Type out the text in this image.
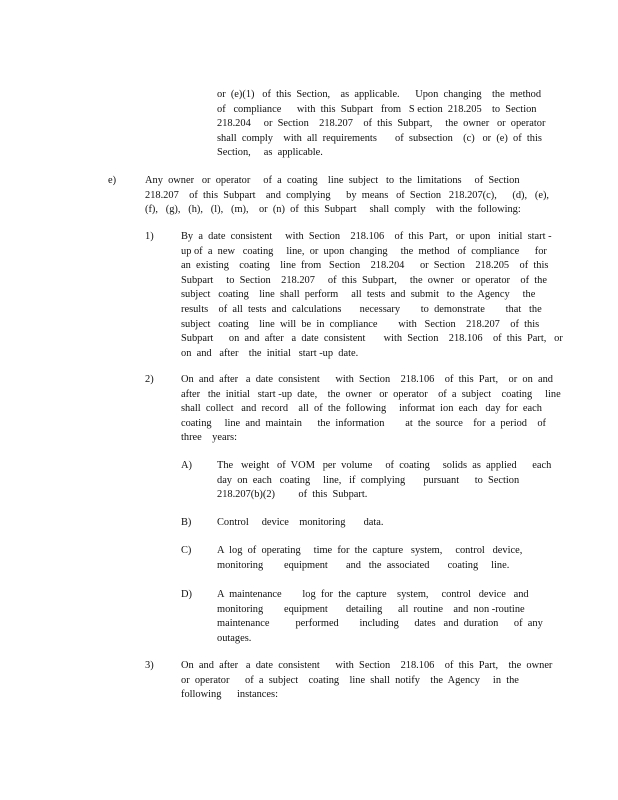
or  (e)(1)   of  this  Section,    as  applicable.      Upon  changing    the  method
of   compliance      with  this  Subpart   from   S ection  218.205    to  Section
218.204     or  Section    218.207    of  this  Subpart,     the  owner   or  operator
shall  comply    with  all  requirements       of  subsection    (c)   or  (e)  of  this
Section,     as  applicable.
e)	Any  owner   or  operator     of  a  coating    line  subject   to  the  limitations     of  Section
218.207    of  this  Subpart    and  complying      by  means   of  Section   218.207(c),      (d),   (e),
(f),   (g),   (h),   (l),   (m),    or  (n)  of  this  Subpart     shall  comply    with  the  following:
1)	By  a  date  consistent     with  Section    218.106    of  this  Part,   or  upon   initial  start -
up of  a  new   coating     line,  or  upon  changing     the  method   of  compliance      for
an  existing    coating    line  from   Section    218.204      or  Section    218.205    of  this
Subpart     to  Section    218.207     of  this  Subpart,     the  owner   or  operator    of  the
subject   coating    line  shall  perform     all  tests  and  submit   to  the  Agency     the
results    of  all  tests  and  calculations       necessary        to  demonstrate        that   the
subject   coating    line  will  be  in  compliance        with   Section    218.207    of  this
Subpart      on  and  after   a  date  consistent       with  Section    218.106    of  this  Part,   or
on  and   after    the  initial   start -up  date.
2)	On  and  after   a  date  consistent      with  Section    218.106    of  this  Part,    or  on  and
after   the  initial   start -up  date,    the  owner   or  operator    of  a  subject    coating     line
shall  collect   and  record    all  of  the  following     informat  ion  each   day  for  each
coating     line  and  maintain      the  information        at  the  source    for  a  period    of
three    years:
A) The   weight   of  VOM   per  volume     of  coating     solids  as  applied      each
day  on  each   coating     line,   if  complying       pursuant      to  Section
218.207(b)(2)         of  this  Subpart.
B) Control     device    monitoring       data.
C) A  log  of  operating     time  for  the  capture   system,     control   device,
monitoring        equipment       and   the  associated       coating     line.
D) A  maintenance        log  for  the  capture    system,     control   device   and
monitoring        equipment       detailing      all  routine    and  non -routine
maintenance          performed        including      dates   and  duration      of  any
outages.
3)	On  and  after   a  date  consistent      with  Section    218.106    of  this  Part,    the  owner
or  operator      of  a  subject    coating    line  shall  notify    the  Agency     in  the
following      instances:
